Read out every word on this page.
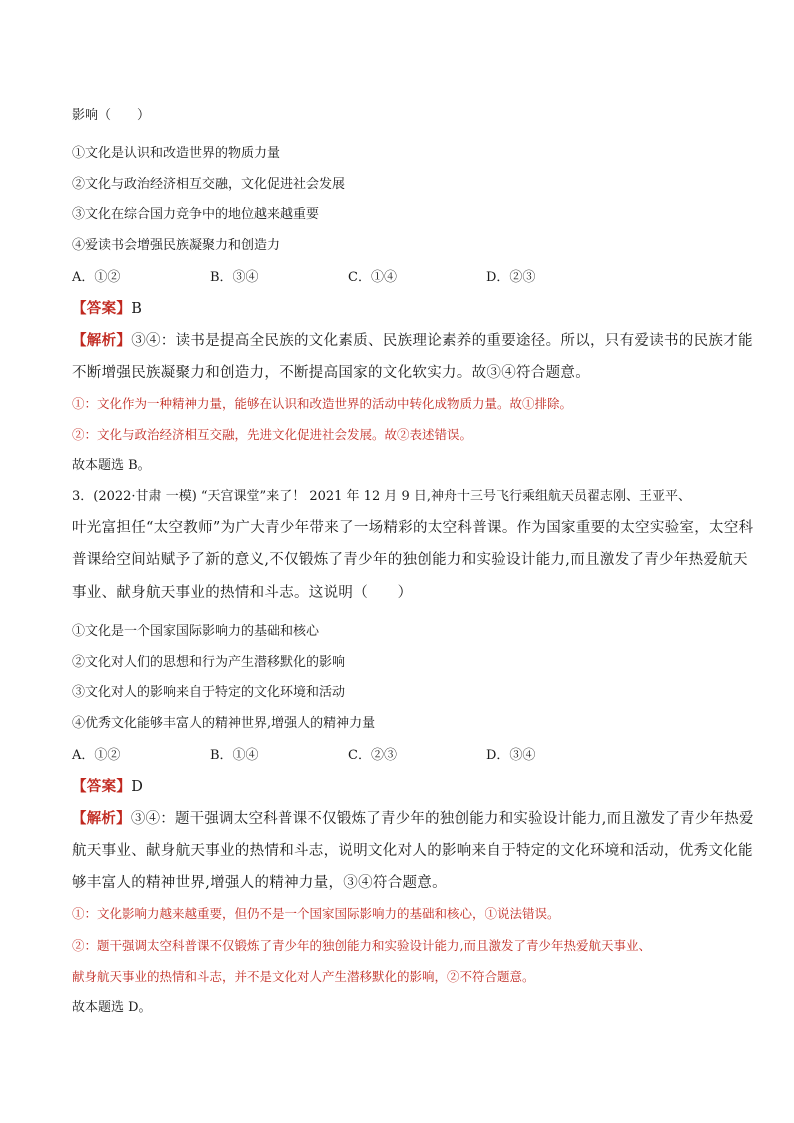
影响（　　）
①文化是认识和改造世界的物质力量
②文化与政治经济相互交融，文化促进社会发展
③文化在综合国力竞争中的地位越来越重要
④爱读书会增强民族凝聚力和创造力
A．①②	B．③④	C．①④	D．②③
【答案】B
【解析】③④：读书是提高全民族的文化素质、民族理论素养的重要途径。所以，只有爱读书的民族才能
不断增强民族凝聚力和创造力，不断提高国家的文化软实力。故③④符合题意。
①：文化作为一种精神力量，能够在认识和改造世界的活动中转化成物质力量。故①排除。
②：文化与政治经济相互交融，先进文化促进社会发展。故②表述错误。
故本题选 B。
3．(2022·甘肃 一模) “天宫课堂”来了！ 2021 年 12 月 9 日,神舟十三号飞行乘组航天员翟志刚、王亚平、
叶光富担任“太空教师”为广大青少年带来了一场精彩的太空科普课。作为国家重要的太空实验室，太空科
普课给空间站赋予了新的意义,不仅锻炼了青少年的独创能力和实验设计能力,而且激发了青少年热爱航天
事业、献身航天事业的热情和斗志。这说明（　　）
①文化是一个国家国际影响力的基础和核心
②文化对人们的思想和行为产生潜移默化的影响
③文化对人的影响来自于特定的文化环境和活动
④优秀文化能够丰富人的精神世界,增强人的精神力量
A．①②	B．①④	C．②③	D．③④
【答案】D
【解析】③④：题干强调太空科普课不仅锻炼了青少年的独创能力和实验设计能力,而且激发了青少年热爱
航天事业、献身航天事业的热情和斗志，说明文化对人的影响来自于特定的文化环境和活动，优秀文化能
够丰富人的精神世界,增强人的精神力量，③④符合题意。
①：文化影响力越来越重要，但仍不是一个国家国际影响力的基础和核心，①说法错误。
②：题干强调太空科普课不仅锻炼了青少年的独创能力和实验设计能力,而且激发了青少年热爱航天事业、
献身航天事业的热情和斗志，并不是文化对人产生潜移默化的影响，②不符合题意。
故本题选 D。
